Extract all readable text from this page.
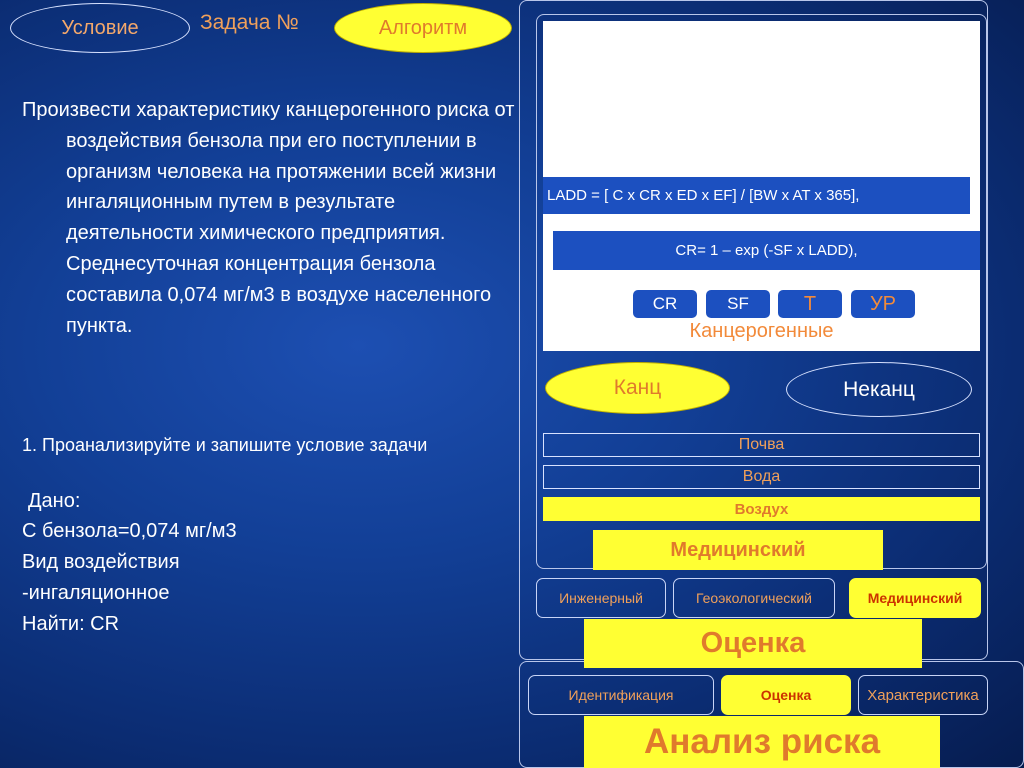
Условие	Задача №	Алгоритм
Произвести характеристику канцерогенного риска от воздействия бензола при его поступлении в организм человека на протяжении всей жизни ингаляционным путем в результате деятельности химического предприятия. Среднесуточная концентрация бензола составила 0,074 мг/м3 в воздухе населенного пункта.
1. Проанализируйте и запишите условие задачи
Дано:
С бензола=0,074 мг/м3
Вид воздействия
-ингаляционное
Найти: CR
LADD = [ C x CR x ED x EF] / [BW x AT x 365],
CR= 1 – exp (-SF x LADD),
CR	SF	Т	УР
Канцерогенные
Канц	Неканц
Почва
Вода
Воздух
Медицинский
Инженерный	Геоэкологический	Медицинский
Оценка
Идентификация	Оценка	Характеристика
Анализ риска
